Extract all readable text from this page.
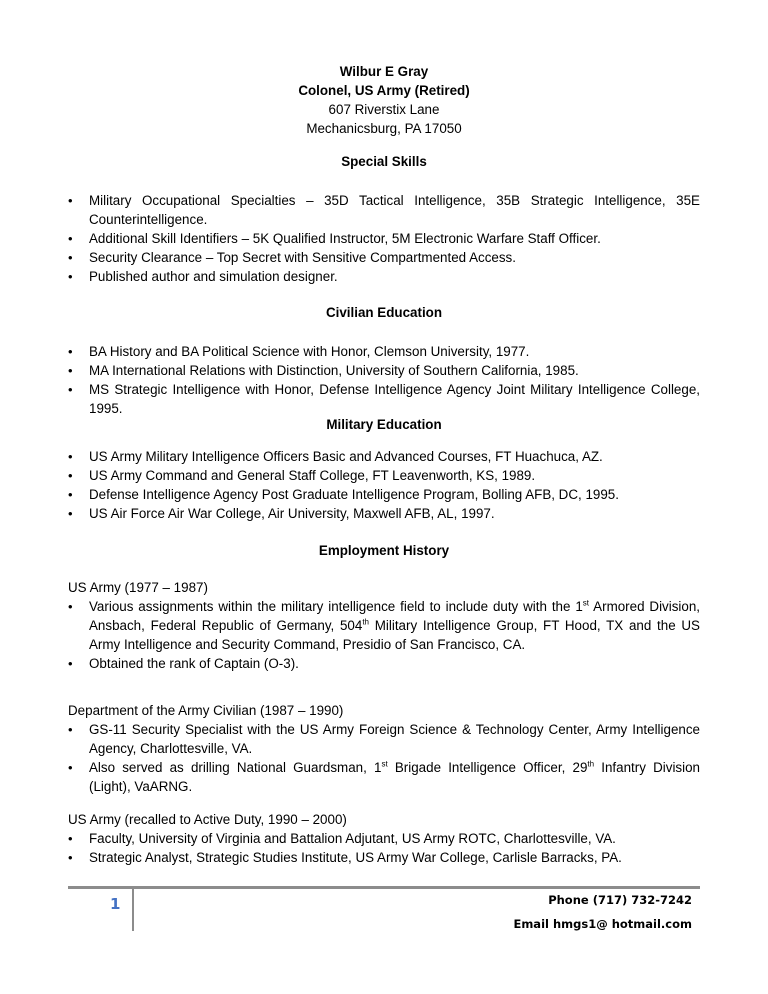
Wilbur E Gray
Colonel, US Army (Retired)
607 Riverstix Lane
Mechanicsburg, PA 17050
Special Skills
• Military Occupational Specialties – 35D Tactical Intelligence, 35B Strategic Intelligence, 35E Counterintelligence.
• Additional Skill Identifiers – 5K Qualified Instructor, 5M Electronic Warfare Staff Officer.
• Security Clearance – Top Secret with Sensitive Compartmented Access.
• Published author and simulation designer.
Civilian Education
• BA History and BA Political Science with Honor, Clemson University, 1977.
• MA International Relations with Distinction, University of Southern California, 1985.
• MS Strategic Intelligence with Honor, Defense Intelligence Agency Joint Military Intelligence College, 1995.
Military Education
• US Army Military Intelligence Officers Basic and Advanced Courses, FT Huachuca, AZ.
• US Army Command and General Staff College, FT Leavenworth, KS, 1989.
• Defense Intelligence Agency Post Graduate Intelligence Program, Bolling AFB, DC, 1995.
• US Air Force Air War College, Air University, Maxwell AFB, AL, 1997.
Employment History
US Army (1977 – 1987)
• Various assignments within the military intelligence field to include duty with the 1st Armored Division, Ansbach, Federal Republic of Germany, 504th Military Intelligence Group, FT Hood, TX and the US Army Intelligence and Security Command, Presidio of San Francisco, CA.
• Obtained the rank of Captain (O-3).
Department of the Army Civilian (1987 – 1990)
• GS-11 Security Specialist with the US Army Foreign Science & Technology Center, Army Intelligence Agency, Charlottesville, VA.
• Also served as drilling National Guardsman, 1st Brigade Intelligence Officer, 29th Infantry Division (Light), VaARNG.
US Army (recalled to Active Duty, 1990 – 2000)
• Faculty, University of Virginia and Battalion Adjutant, US Army ROTC, Charlottesville, VA.
• Strategic Analyst, Strategic Studies Institute, US Army War College, Carlisle Barracks, PA.
1	Phone (717) 732-7242
Email hmgs1@ hotmail.com
